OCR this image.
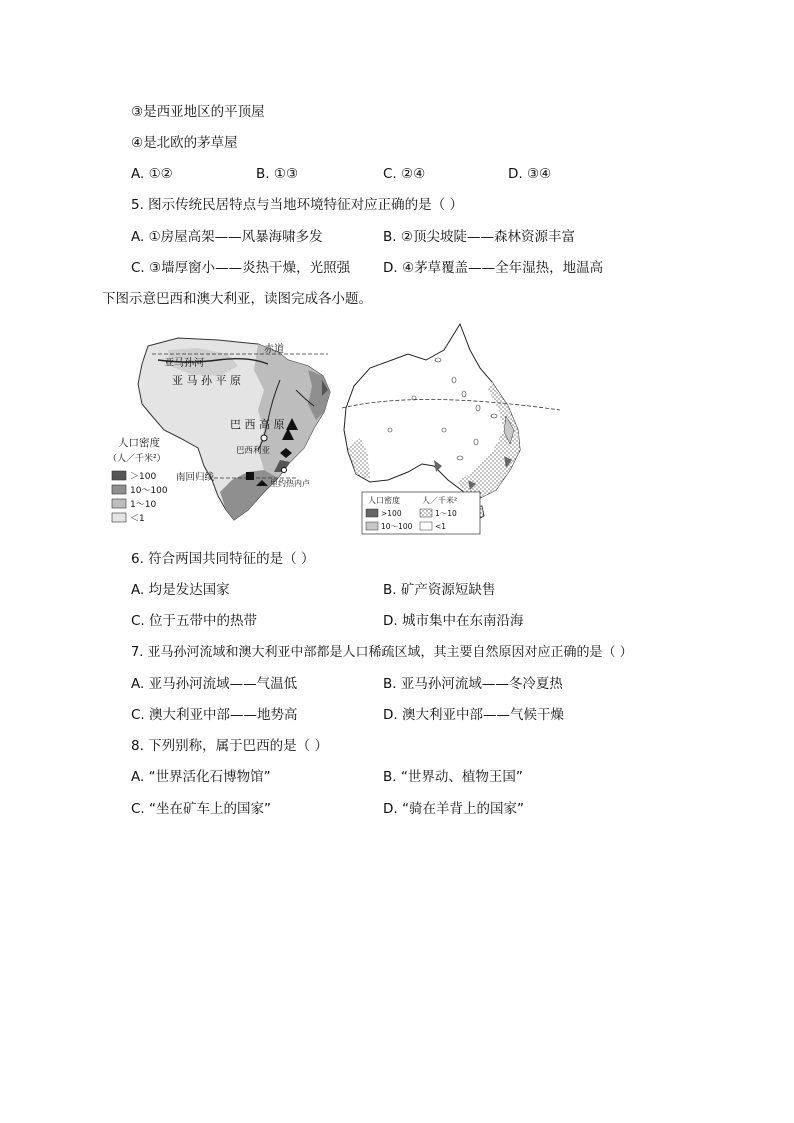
③是西亚地区的平顶屋
④是北欧的茅草屋
A. ①②	B. ①③	C. ②④	D. ③④
5. 图示传统民居特点与当地环境特征对应正确的是（ ）
A. ①房屋高架——风暴海啸多发	B. ②顶尖坡陡——森林资源丰富
C. ③墙厚窗小——炎热干燥，光照强 D. ④茅草覆盖——全年湿热，地温高
下图示意巴西和澳大利亚，读图完成各小题。
亚马孙河
赤道
亚 马 孙 平 原
巴 西 高 原
巴西利亚
南回归线
里约热内卢
人口密度
（人／千米²）
＞100
10～100
1～10
＜1
人口密度	人／千米²
>100	1～10
10～100	<1
6. 符合两国共同特征的是（ ）
A. 均是发达国家	B. 矿产资源短缺售
C. 位于五带中的热带	D. 城市集中在东南沿海
7. 亚马孙河流域和澳大利亚中部都是人口稀疏区域，其主要自然原因对应正确的是（ ）
A. 亚马孙河流域——气温低	B. 亚马孙河流域——冬冷夏热
C. 澳大利亚中部——地势高	D. 澳大利亚中部——气候干燥
8. 下列别称，属于巴西的是（ ）
A. “世界活化石博物馆”	B. “世界动、植物王国”
C. “坐在矿车上的国家”	D. “骑在羊背上的国家”
